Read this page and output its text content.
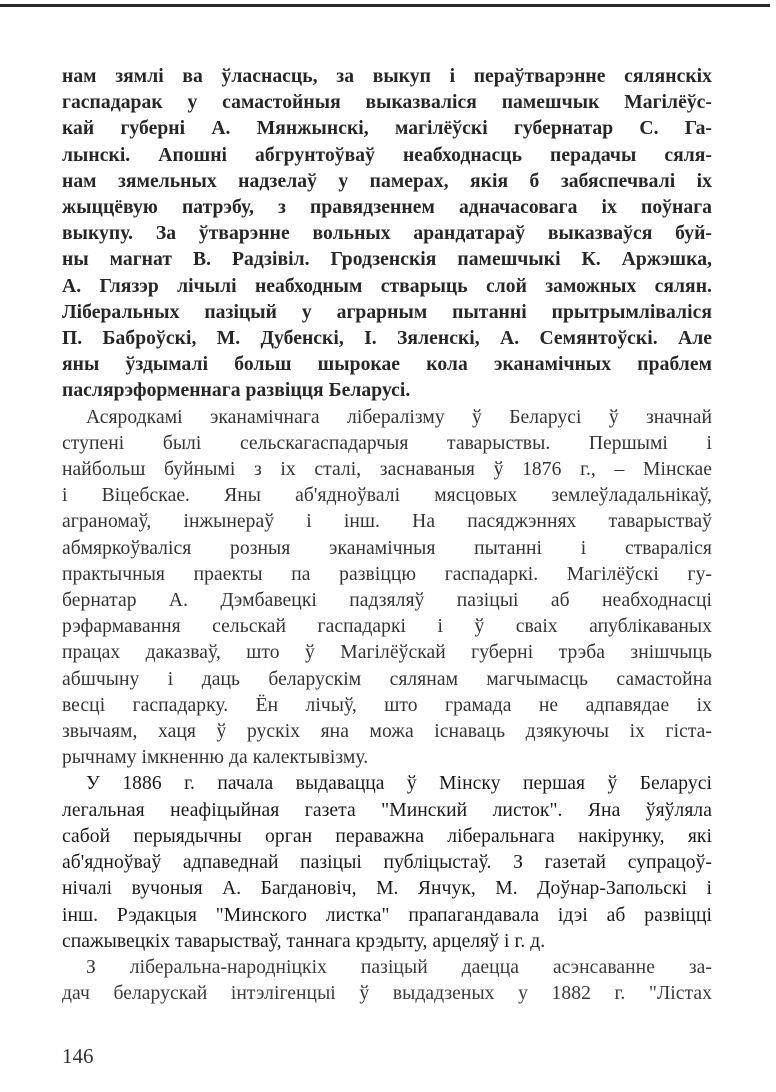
нам зямлі ва ўласнасць, за выкуп і пераўтварэнне сялянскіх
гаспадарак у самастойныя выказваліся памешчык Магілёўс-
кай губерні А. Мянжынскі, магілёўскі губернатар С. Га-
лынскі. Апошні абгрунтоўваў неабходнасць перадачы сяля-
нам зямельных надзелаў у памерах, якія б забяспечвалі іх
жыццёвую патрэбу, з правядзеннем адначасовага іх поўнага
выкупу. За ўтварэнне вольных арандатараў выказваўся буй-
ны магнат В. Радзівіл. Гродзенскія памешчыкі К. Аржэшка,
А. Глязэр лічылі неабходным стварыць слой заможных сялян.
Ліберальных пазіцый у аграрным пытанні прытрымліваліся
П. Бабpоўскі, М. Дубенскі, І. Зяленскі, А. Семянтоўскі. Але
яны ўздымалі больш шырокае кола эканамічных праблем
паслярэформеннага развіцця Беларусі.
Асяродкамі эканамічнага лібералізму ў Беларусі ў значнай
ступені былі сельскагаспадарчыя таварыствы. Першымі і
найбольш буйнымі з іх сталі, заснаваныя ў 1876 г., – Мінскае
і Віцебскае. Яны аб'ядноўвалі мясцовых землеўладальнікаў,
аграномаў, інжынераў і інш. На пасяджэннях таварыстваў
абмяркоўваліся розныя эканамічныя пытанні і стваралiся
практычныя праекты па развіццю гаспадаркі. Магілёўскі гу-
бернатар А. Дэмбавецкі падзяляў пазіцыі аб неабходнасці
рэфармавання сельскай гаспадаркі і ў сваіх апублікаваных
працах даказваў, што ў Магілёўскай губерні трэба знішчыць
абшчыну і даць беларускім сялянам магчымасць самастойна
весці гаспадарку. Ён лічыў, што грамада не адпавядае іх
звычаям, хаця ў рускіх яна можа існаваць дзякуючы іх гіста-
рычнаму імкненню да калектывізму.
У 1886 г. пачала выдавацца ў Мінску першая ў Беларусі
легальная неафіцыйная газета "Минский листок". Яна ўяўляла
сабой перыядычны орган пераважна ліберальнага накірунку, які
аб'ядноўваў адпаведнай пазіцыі публіцыстаў. З газетай супрацоў-
нічалі вучоныя А. Багдановіч, М. Янчук, М. Доўнар-Запольскі і
інш. Рэдакцыя "Минского листка" прапагандавала ідэі аб развіцці
спажывецкіх таварыстваў, таннага крэдыту, арцеляў і г. д.
З ліберальна-народніцкіх пазіцый даецца асэнсаванне за-
дач беларускай інтэлігенцыі ў выдадзеных у 1882 г. "Лістах
146
